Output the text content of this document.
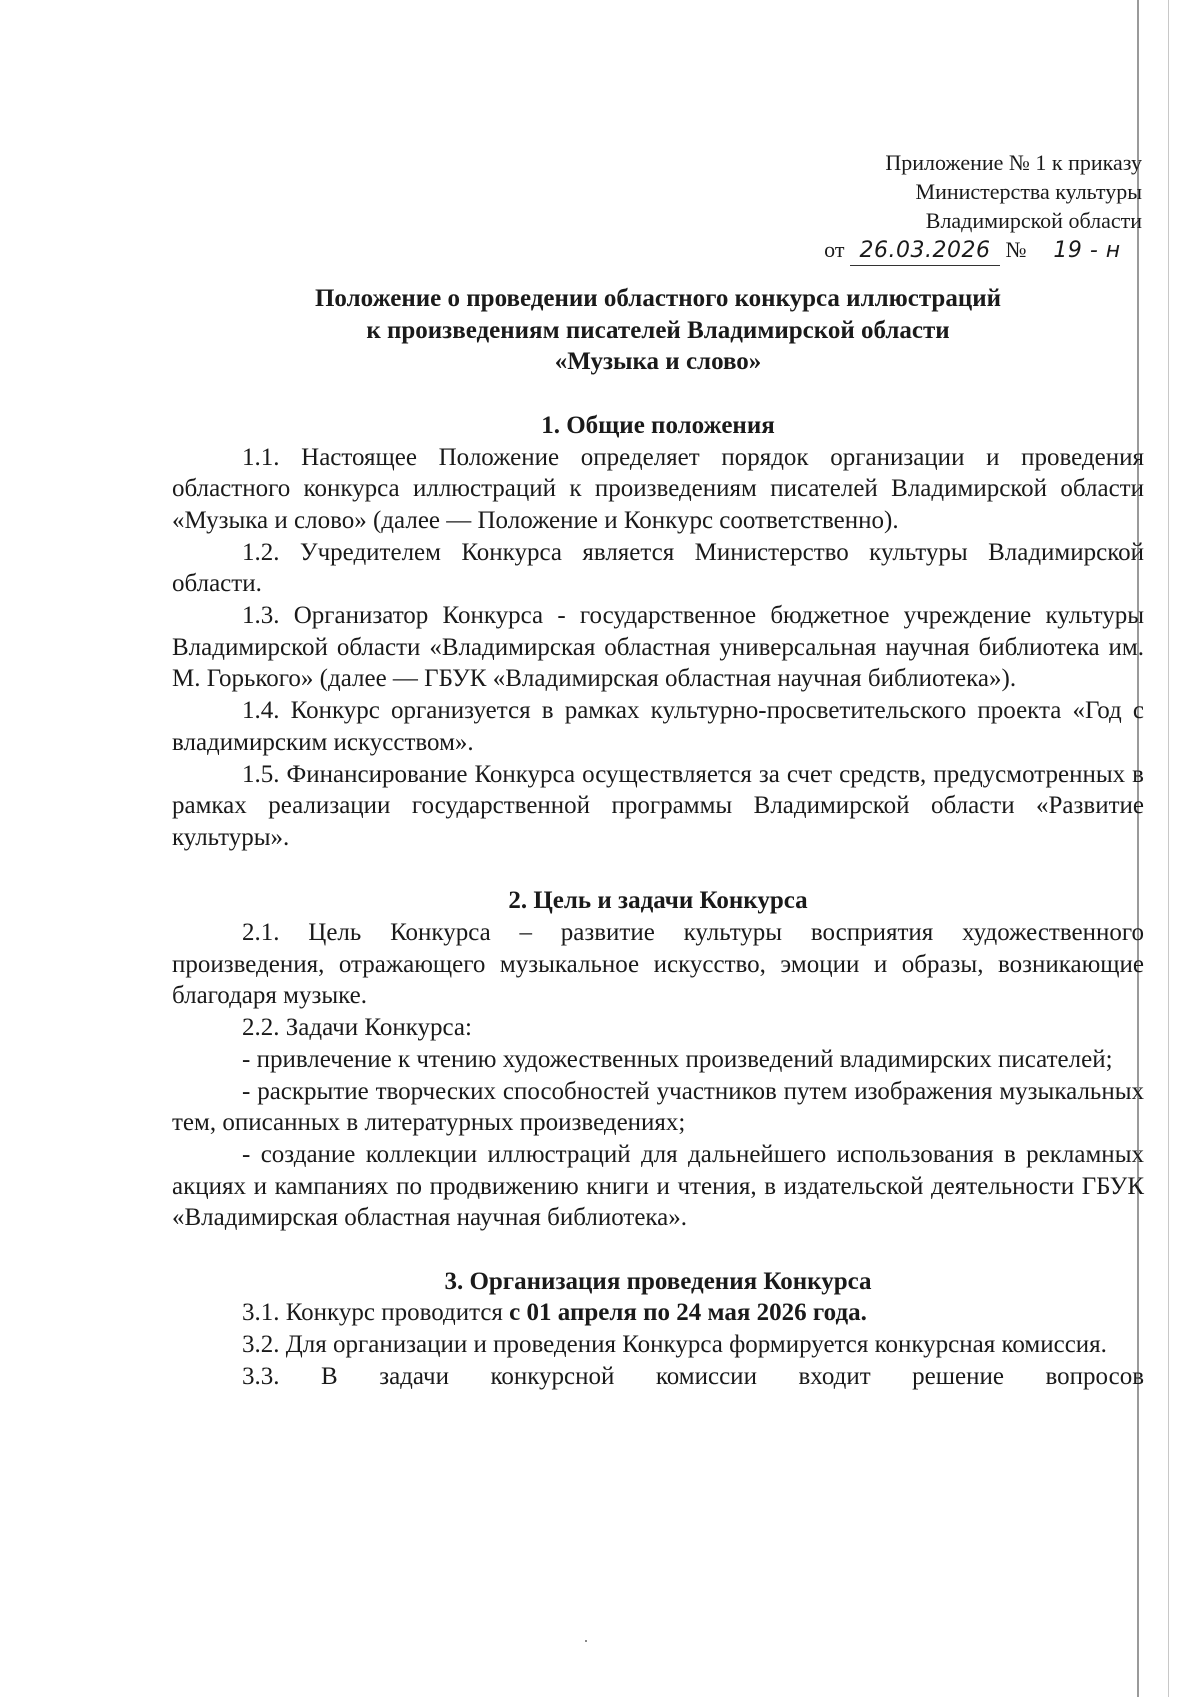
Приложение № 1 к приказу
Министерства культуры
Владимирской области
от 26.03.2026 № 19 - н
Положение о проведении областного конкурса иллюстраций
к произведениям писателей Владимирской области
«Музыка и слово»
1. Общие положения

1.1. Настоящее Положение определяет порядок организации и проведения областного конкурса иллюстраций к произведениям писателей Владимирской области «Музыка и слово» (далее — Положение и Конкурс соответственно).

1.2. Учредителем Конкурса является Министерство культуры Владимирской области.

1.3. Организатор Конкурса - государственное бюджетное учреждение культуры Владимирской области «Владимирская областная универсальная научная библиотека им. М. Горького» (далее — ГБУК «Владимирская областная научная библиотека»).

1.4. Конкурс организуется в рамках культурно-просветительского проекта «Год с владимирским искусством».

1.5. Финансирование Конкурса осуществляется за счет средств, предусмотренных в рамках реализации государственной программы Владимирской области «Развитие культуры».

2. Цель и задачи Конкурса

2.1. Цель Конкурса – развитие культуры восприятия художественного произведения, отражающего музыкальное искусство, эмоции и образы, возникающие благодаря музыке.

2.2. Задачи Конкурса:

- привлечение к чтению художественных произведений владимирских писателей;

- раскрытие творческих способностей участников путем изображения музыкальных тем, описанных в литературных произведениях;

- создание коллекции иллюстраций для дальнейшего использования в рекламных акциях и кампаниях по продвижению книги и чтения, в издательской деятельности ГБУК «Владимирская областная научная библиотека».

3. Организация проведения Конкурса

3.1. Конкурс проводится с 01 апреля по 24 мая 2026 года.

3.2. Для организации и проведения Конкурса формируется конкурсная комиссия.

3.3. В задачи конкурсной комиссии входит решение вопросов
